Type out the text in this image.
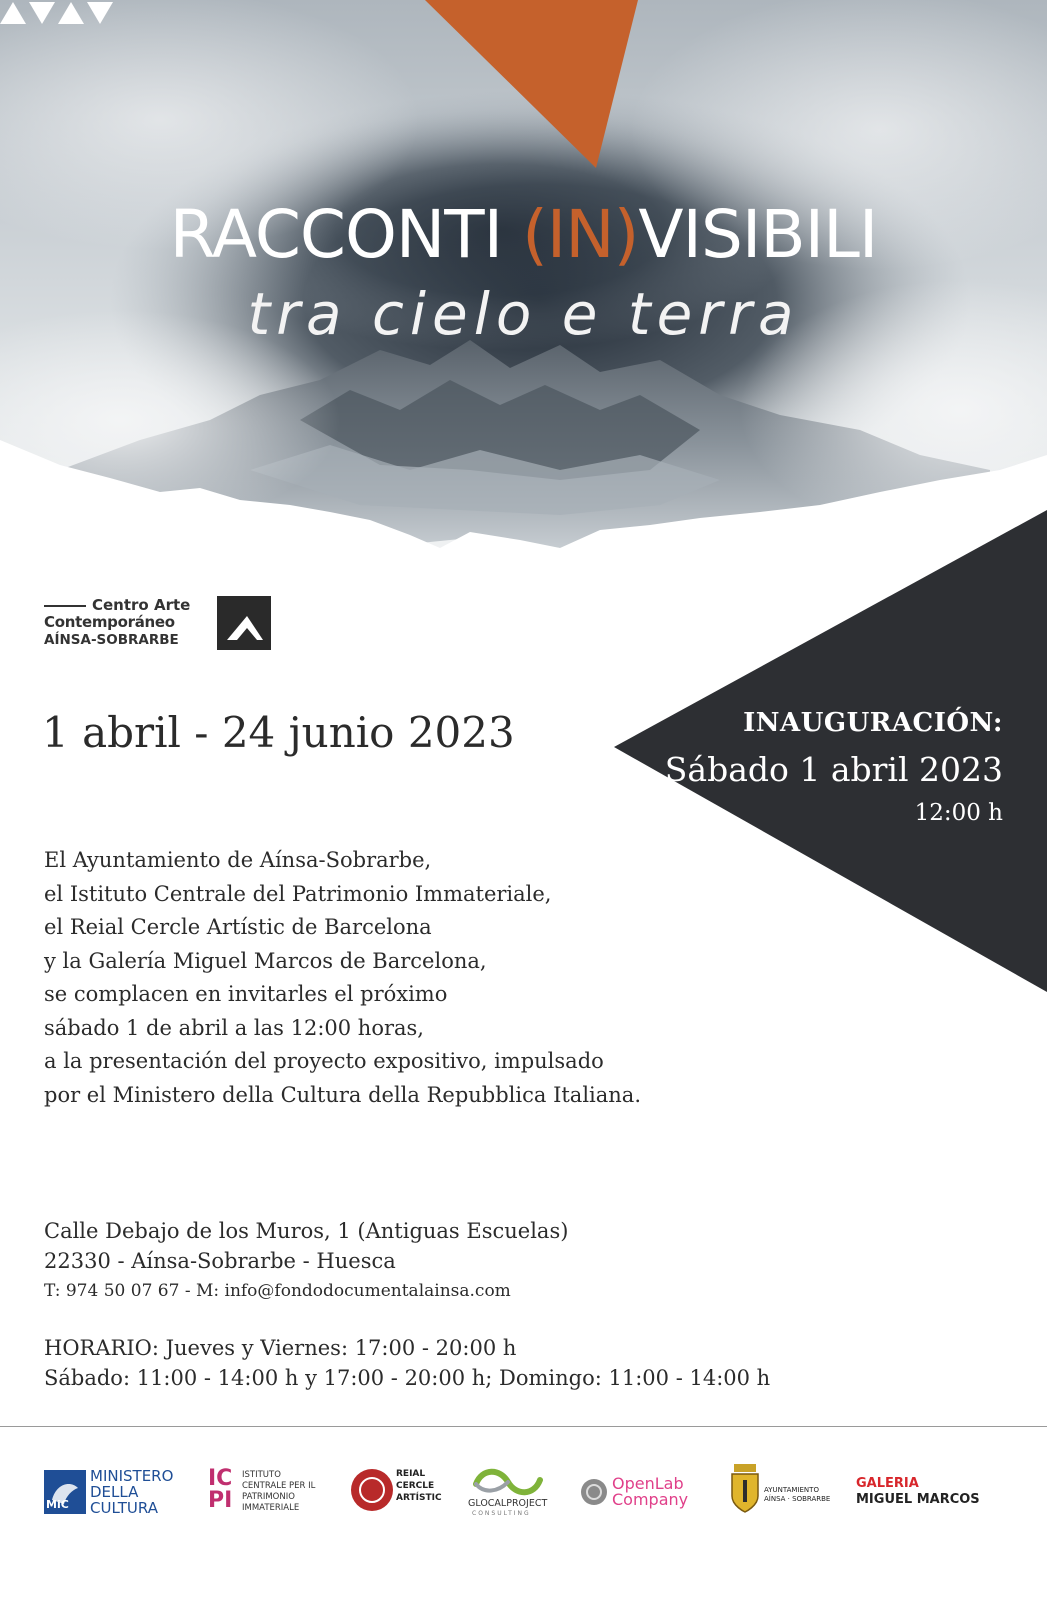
RACCONTI (IN)VISIBILI
tra cielo e terra
Centro Arte
Contemporáneo
AÍNSA-SOBRARBE
1 abril - 24 junio 2023	INAUGURACIÓN:
Sábado 1 abril 2023
12:00 h
El Ayuntamiento de Aínsa-Sobrarbe,
el Istituto Centrale del Patrimonio Immateriale,
el Reial Cercle Artístic de Barcelona
y la Galería Miguel Marcos de Barcelona,
se complacen en invitarles el próximo
sábado 1 de abril a las 12:00 horas,
a la presentación del proyecto expositivo, impulsado
por el Ministero della Cultura della Repubblica Italiana.
Calle Debajo de los Muros, 1 (Antiguas Escuelas)
22330 - Aínsa-Sobrarbe - Huesca
T: 974 50 07 67 - M: info@fondodocumentalainsa.com
HORARIO: Jueves y Viernes: 17:00 - 20:00 h
Sábado: 11:00 - 14:00 h y 17:00 - 20:00 h; Domingo: 11:00 - 14:00 h
MiC
MINISTERO
DELLA
CULTURA
IC
PI
ISTITUTO
CENTRALE PER IL
PATRIMONIO
IMMATERIALE
REIAL
CERCLE
ARTÍSTIC	GLOCALPROJECT
CONSULTING
OpenLab
Company	AYUNTAMIENTO
AÍNSA · SOBRARBE
GALERIA
MIGUEL MARCOS
